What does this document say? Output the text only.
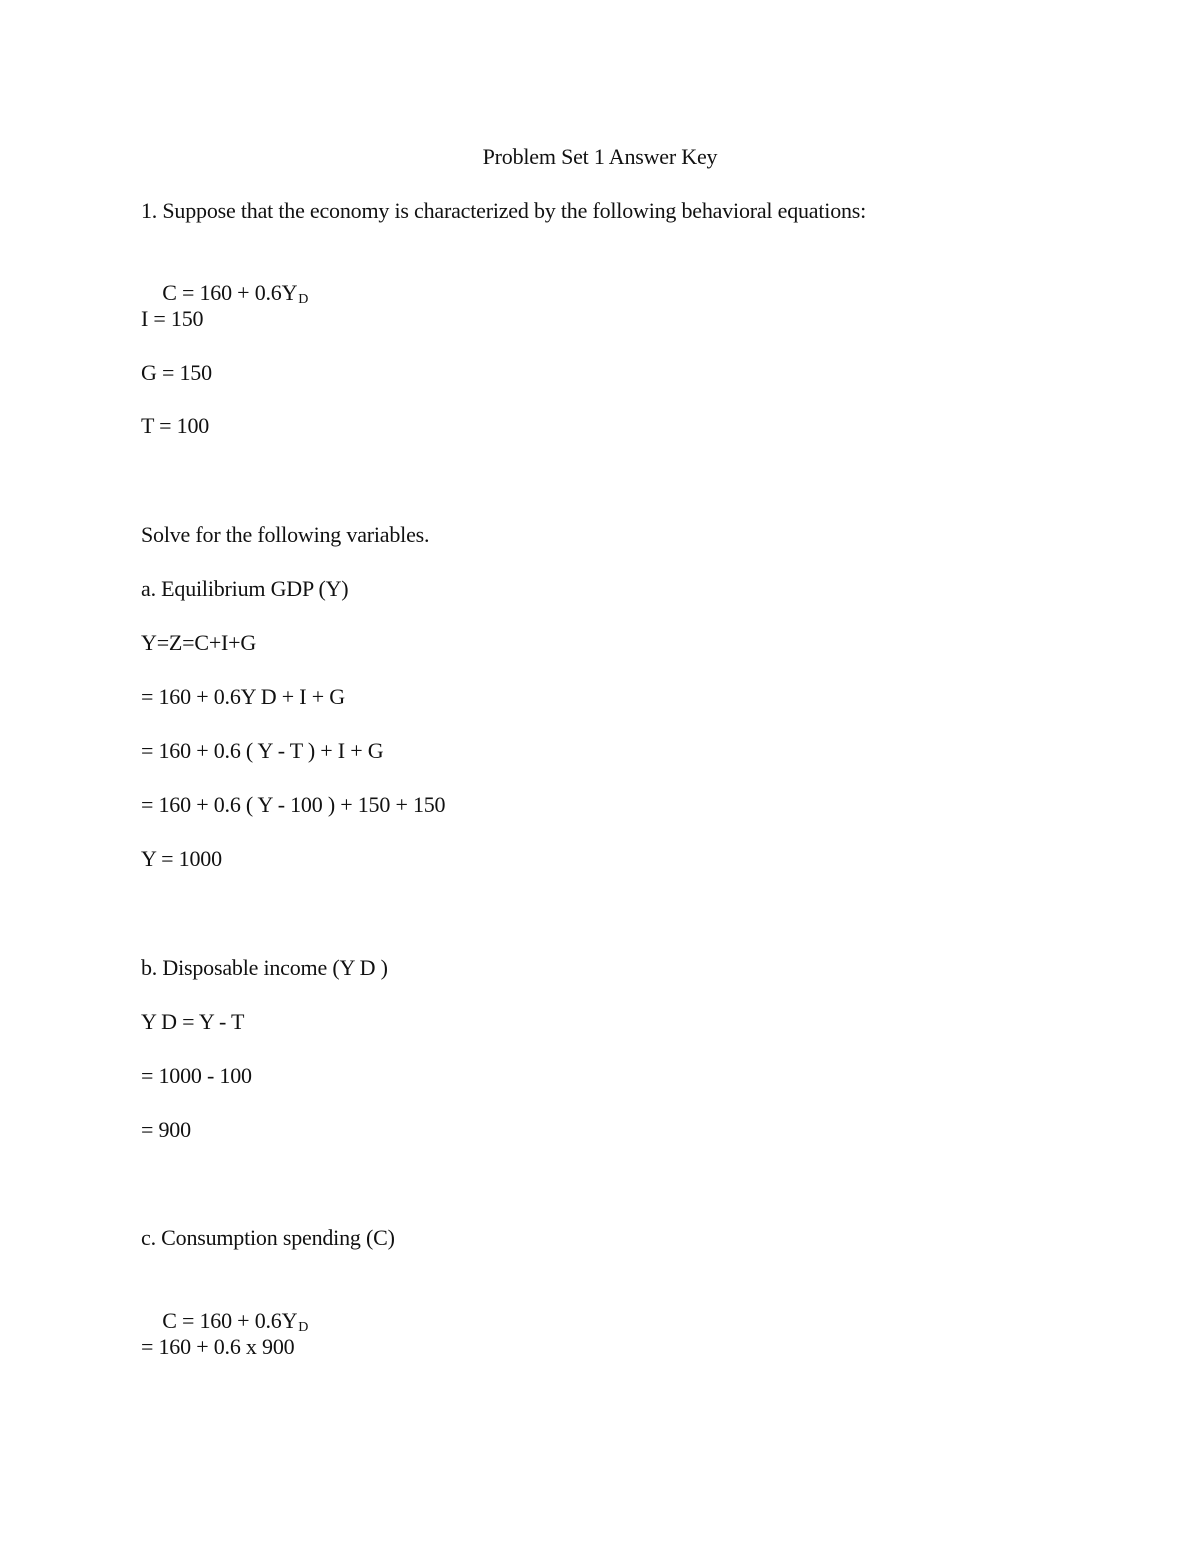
Problem Set 1 Answer Key
1. Suppose that the economy is characterized by the following behavioral equations:

$C = 160 + 0.6Y_D$

I = 150
G = 150
T = 100
Solve for the following variables.
a. Equilibrium GDP (Y)
Y=Z=C+I+G
= 160 + 0.6Y D + I + G
= 160 + 0.6 ( Y - T ) + I + G
= 160 + 0.6 ( Y - 100 ) + 150 + 150
Y = 1000
b. Disposable income (Y D )
Y D = Y - T
= 1000 - 100
= 900
c. Consumption spending (C)

$C = 160 + 0.6Y_D$

= 160 + 0.6 x 900
